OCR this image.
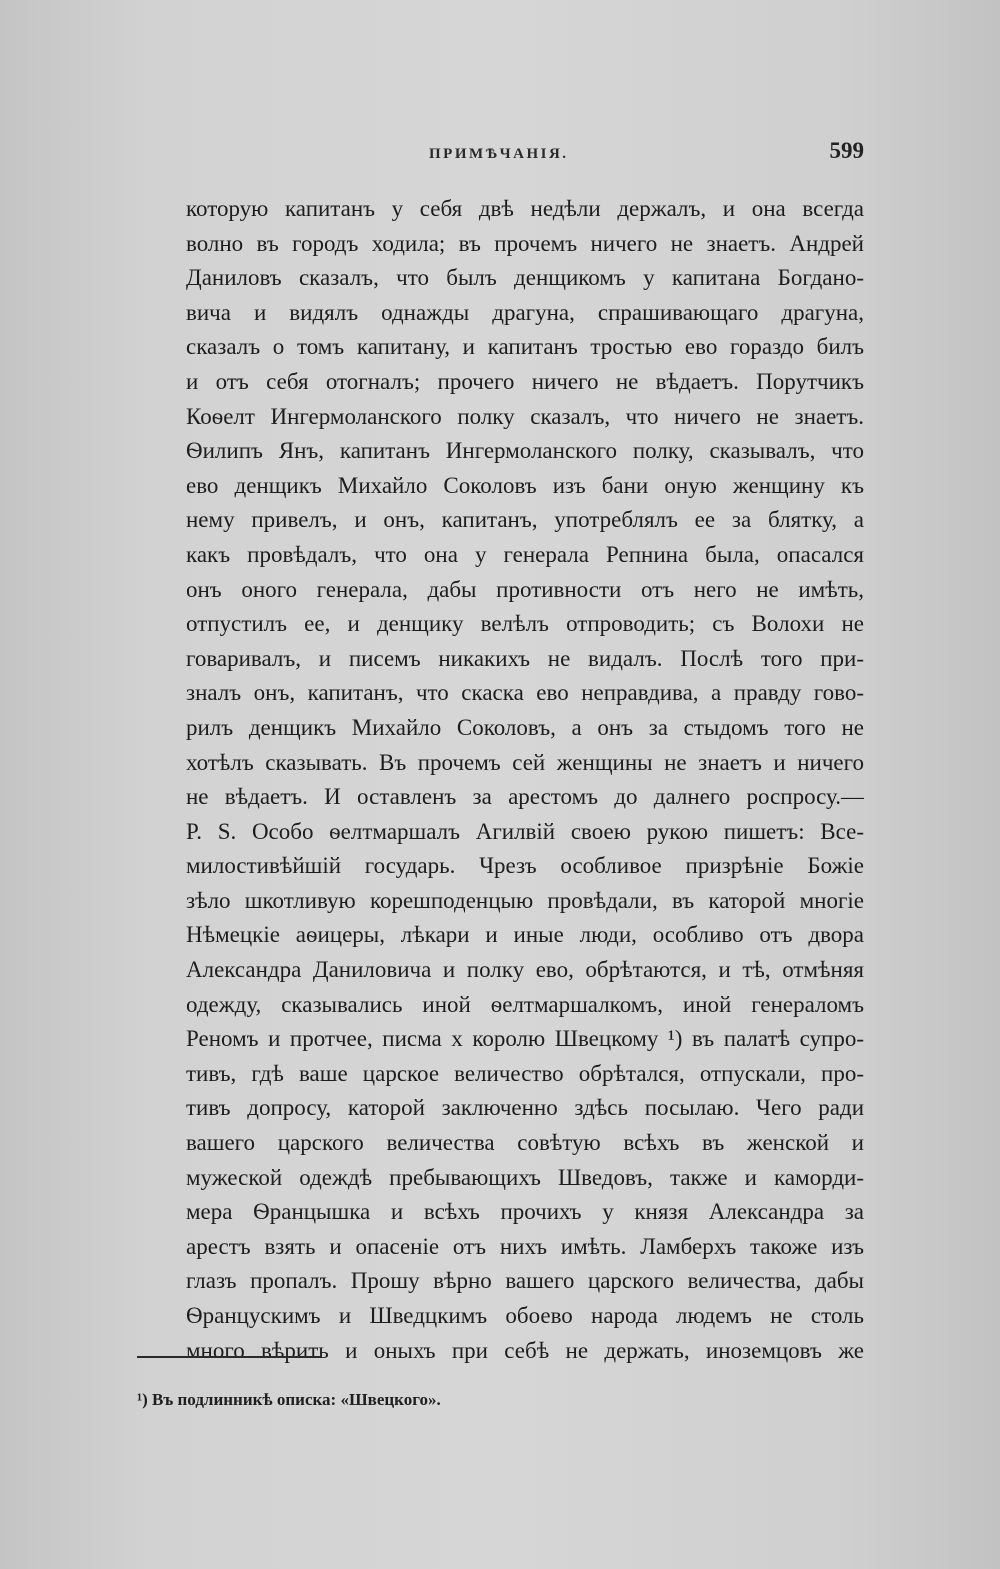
ПРИМѢЧАНІЯ.	599
которую капитанъ у себя двѣ недѣли держалъ, и она всегда
волно въ городъ ходила; въ прочемъ ничего не знаетъ. Андрей
Даниловъ сказалъ, что былъ денщикомъ у капитана Богдано-
вича и видялъ однажды драгуна, спрашивающаго драгуна,
сказалъ о томъ капитану, и капитанъ тростью ево гораздо билъ
и отъ себя отогналъ; прочего ничего не вѣдаетъ. Порутчикъ
Коѳелт Ингермоланского полку сказалъ, что ничего не знаетъ.
Ѳилипъ Янъ, капитанъ Ингермоланского полку, сказывалъ, что
ево денщикъ Михайло Соколовъ изъ бани оную женщину къ
нему привелъ, и онъ, капитанъ, употреблялъ ее за блятку, а
какъ провѣдалъ, что она у генерала Репнина была, опасался
онъ оного генерала, дабы противности отъ него не имѣть,
отпустилъ ее, и денщику велѣлъ отпроводить; съ Волохи не
говаривалъ, и писемъ никакихъ не видалъ. Послѣ того при-
зналъ онъ, капитанъ, что скаска ево неправдива, а правду гово-
рилъ денщикъ Михайло Соколовъ, а онъ за стыдомъ того не
хотѣлъ сказывать. Въ прочемъ сей женщины не знаетъ и ничего
не вѣдаетъ. И оставленъ за арестомъ до далнего роспросу.—
P. S. Особо ѳелтмаршалъ Агилвій своею рукою пишетъ: Все-
милостивѣйшій государь. Чрезъ особливое призрѣніе Божіе
зѣло шкотливую корешподенцыю провѣдали, въ каторой многіе
Нѣмецкіе аѳицеры, лѣкари и иные люди, особливо отъ двора
Александра Даниловича и полку ево, обрѣтаются, и тѣ, отмѣняя
одежду, сказывались иной ѳелтмаршалкомъ, иной генераломъ
Реномъ и протчее, писма х королю Швецкому ¹) въ палатѣ супро-
тивъ, гдѣ ваше царское величество обрѣтался, отпускали, про-
тивъ допросу, каторой заключенно здѣсь посылаю. Чего ради
вашего царского величества совѣтую всѣхъ въ женской и
мужеской одеждѣ пребывающихъ Шведовъ, также и каморди-
мера Ѳранцышка и всѣхъ прочихъ у князя Александра за
арестъ взять и опасеніе отъ нихъ имѣть. Ламберхъ такоже изъ
глазъ пропалъ. Прошу вѣрно вашего царского величества, дабы
Ѳранцускимъ и Шведцкимъ обоево народа людемъ не столь
много вѣрить и оныхъ при себѣ не держать, иноземцовъ же
¹) Въ подлинникѣ описка: «Швецкого».
